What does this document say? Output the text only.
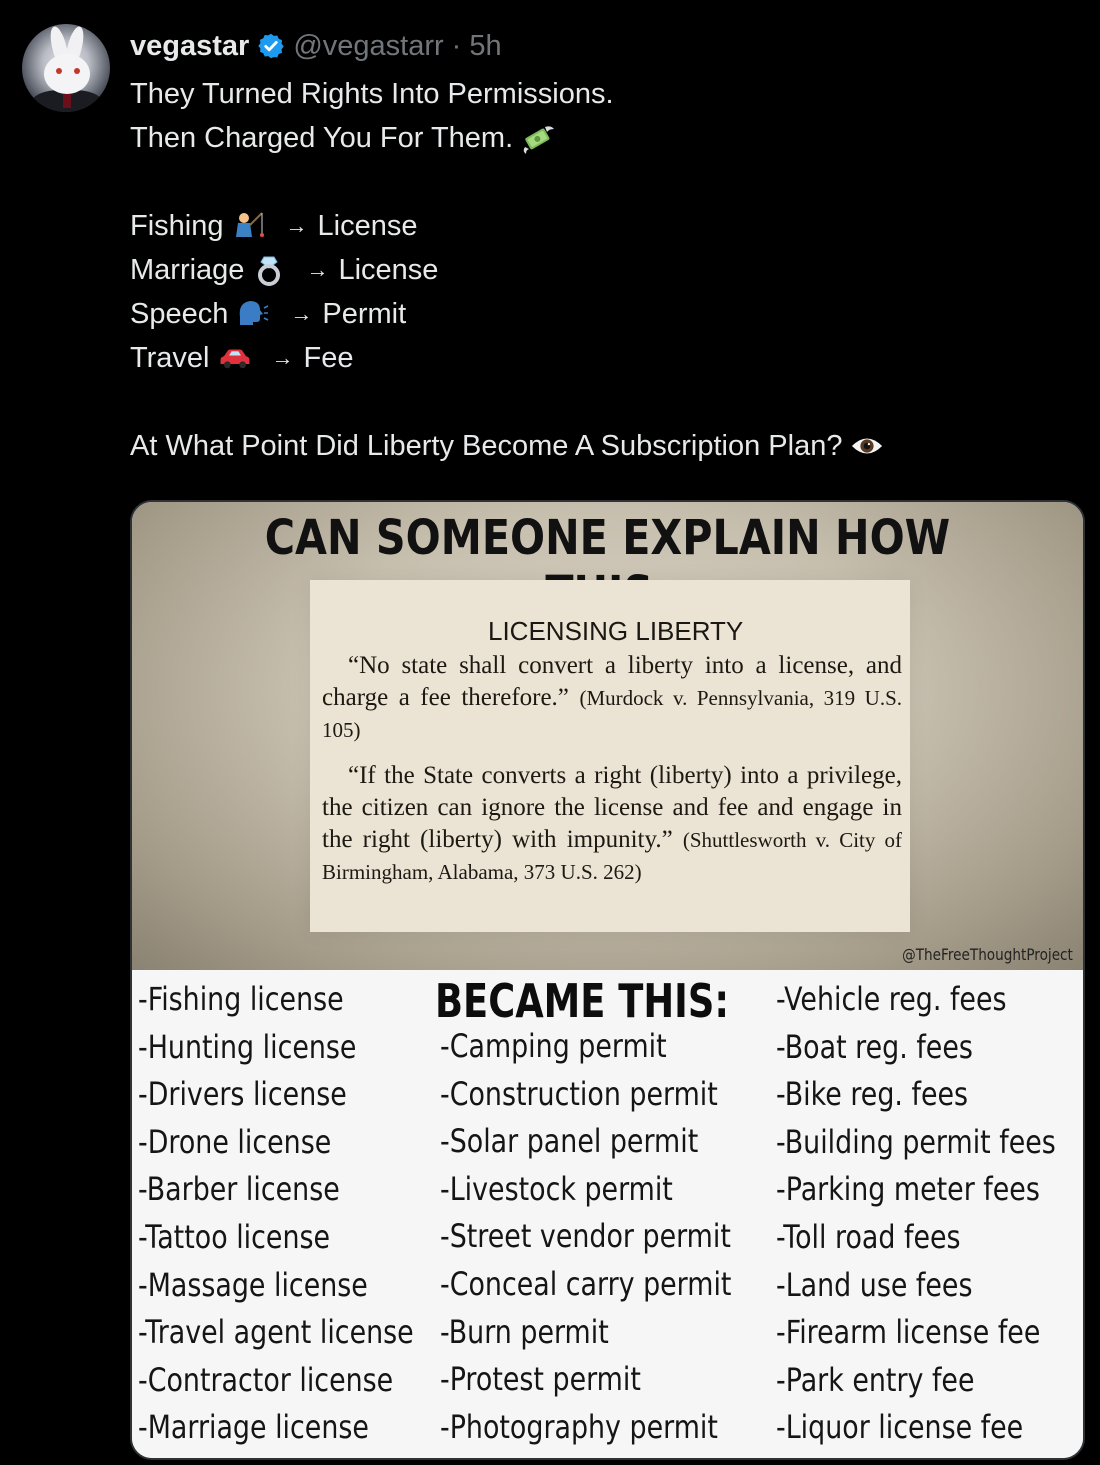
vegastar @vegastarr · 5h
They Turned Rights Into Permissions.
Then Charged You For Them.
Fishing	→ License
Marriage	→ License
Speech	→ Permit
Travel	→ Fee
At What Point Did Liberty Become A Subscription Plan?
CAN SOMEONE EXPLAIN HOW
LICENSING LIBERTY

“No state shall convert a liberty into a license, and charge a fee therefore.” (Murdock v. Pennsylvania, 319 U.S. 105)

“If the State converts a right (liberty) into a privilege, the citizen can ignore the license and fee and engage in the right (liberty) with impunity.” (Shuttlesworth v. City of Birmingham, Alabama, 373 U.S. 262)

@TheFreeThoughtProject
BECAME THIS:
-Fishing license
-Hunting license
-Drivers license
-Drone license
-Barber license
-Tattoo license
-Massage license
-Travel agent license
-Contractor license
-Marriage license
-Camping permit
-Construction permit
-Solar panel permit
-Livestock permit
-Street vendor permit
-Conceal carry permit
-Burn permit
-Protest permit
-Photography permit
-Vehicle reg. fees
-Boat reg. fees
-Bike reg. fees
-Building permit fees
-Parking meter fees
-Toll road fees
-Land use fees
-Firearm license fee
-Park entry fee
-Liquor license fee
